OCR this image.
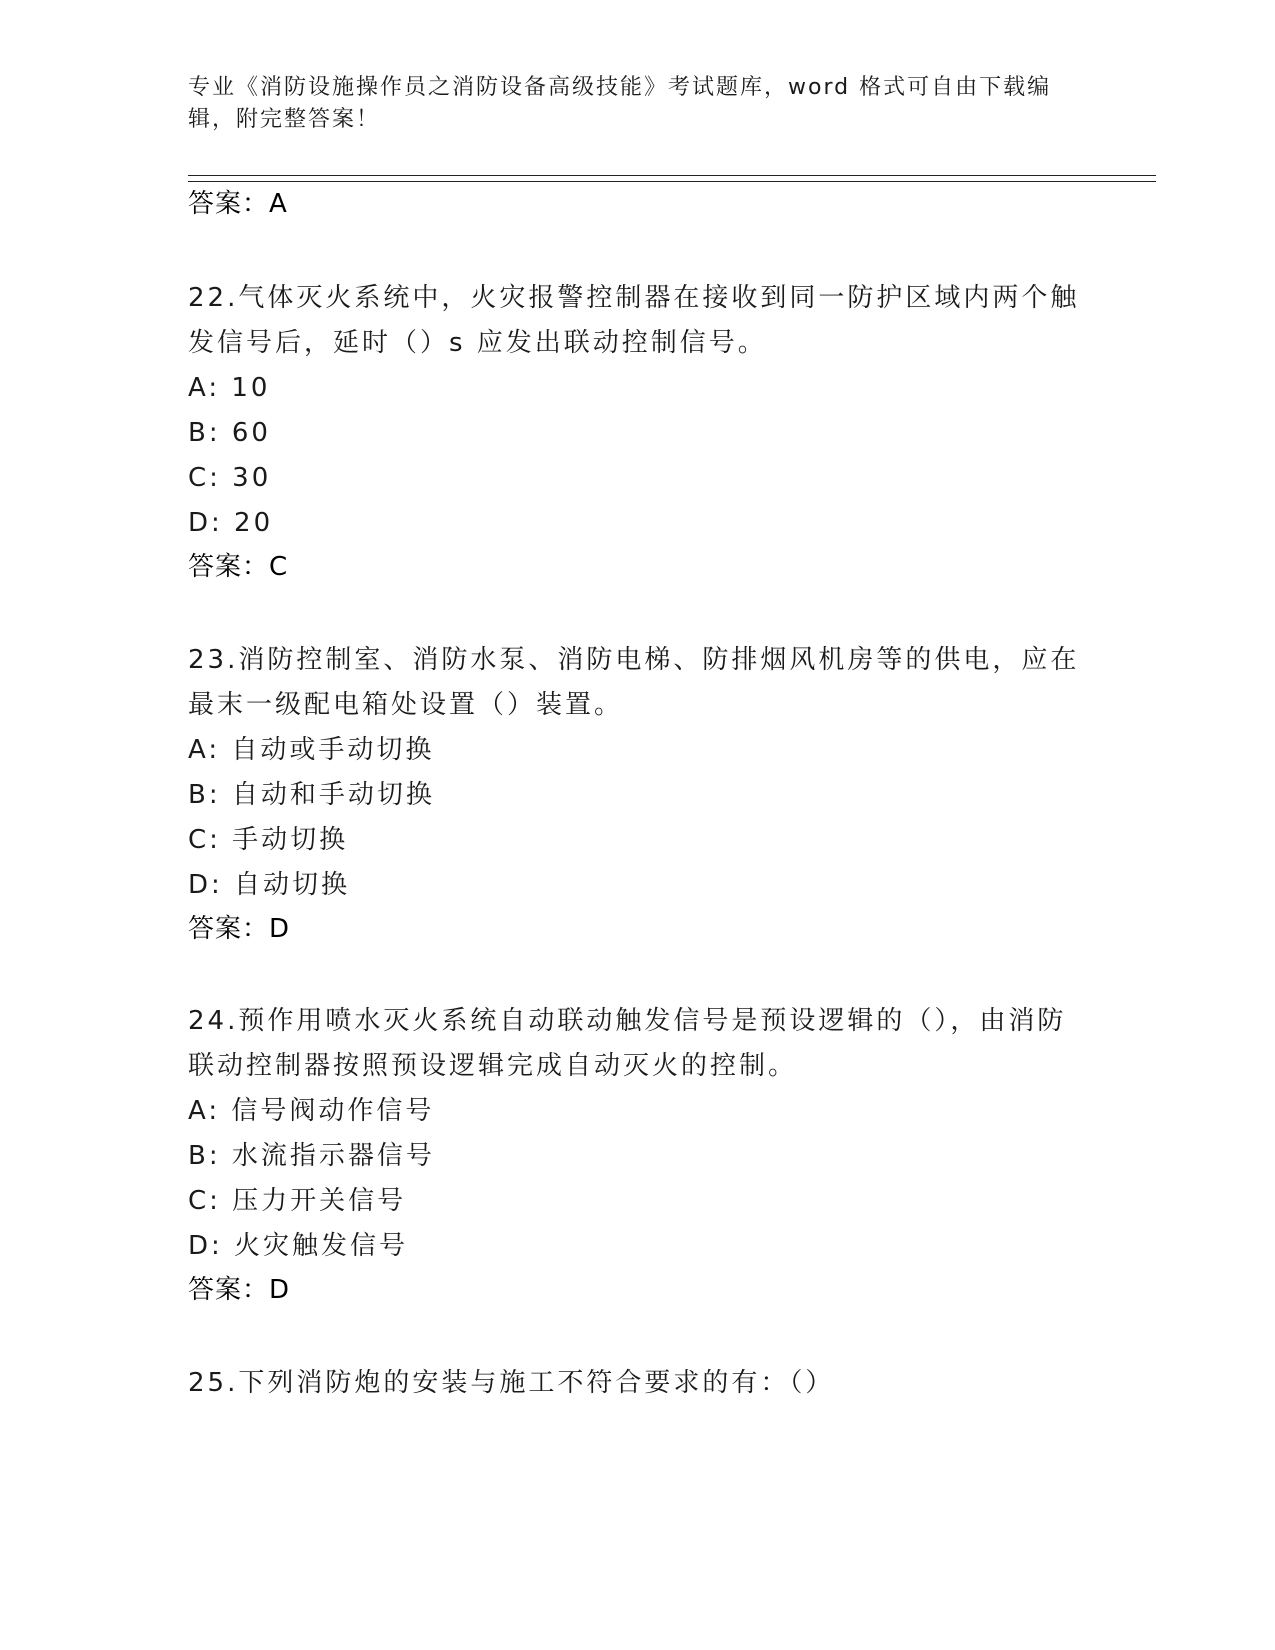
专业《消防设施操作员之消防设备高级技能》考试题库，word 格式可自由下载编
辑，附完整答案！
答案：A
22.气体灭火系统中，火灾报警控制器在接收到同一防护区域内两个触
发信号后，延时（）s 应发出联动控制信号。
A: 10
B: 60
C: 30
D: 20
答案：C
23.消防控制室、消防水泵、消防电梯、防排烟风机房等的供电，应在
最末一级配电箱处设置（）装置。
A: 自动或手动切换
B: 自动和手动切换
C: 手动切换
D: 自动切换
答案：D
24.预作用喷水灭火系统自动联动触发信号是预设逻辑的（），由消防
联动控制器按照预设逻辑完成自动灭火的控制。
A: 信号阀动作信号
B: 水流指示器信号
C: 压力开关信号
D: 火灾触发信号
答案：D
25.下列消防炮的安装与施工不符合要求的有：（）
